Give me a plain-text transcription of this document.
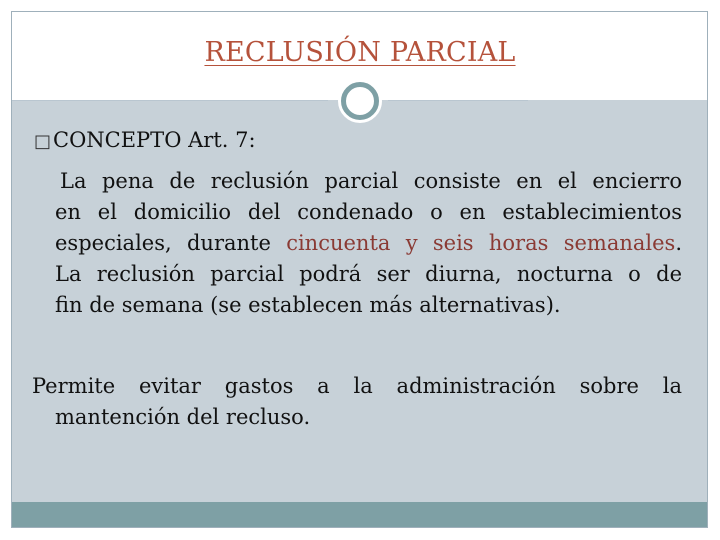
RECLUSIÓN PARCIAL
□CONCEPTO Art. 7:
La pena de reclusión parcial consiste en el encierro
en el domicilio del condenado o en establecimientos
especiales, durante cincuenta y seis horas semanales.
La reclusión parcial podrá ser diurna, nocturna o de
fin de semana (se establecen más alternativas).
Permite evitar gastos a la administración sobre la
mantención del recluso.
